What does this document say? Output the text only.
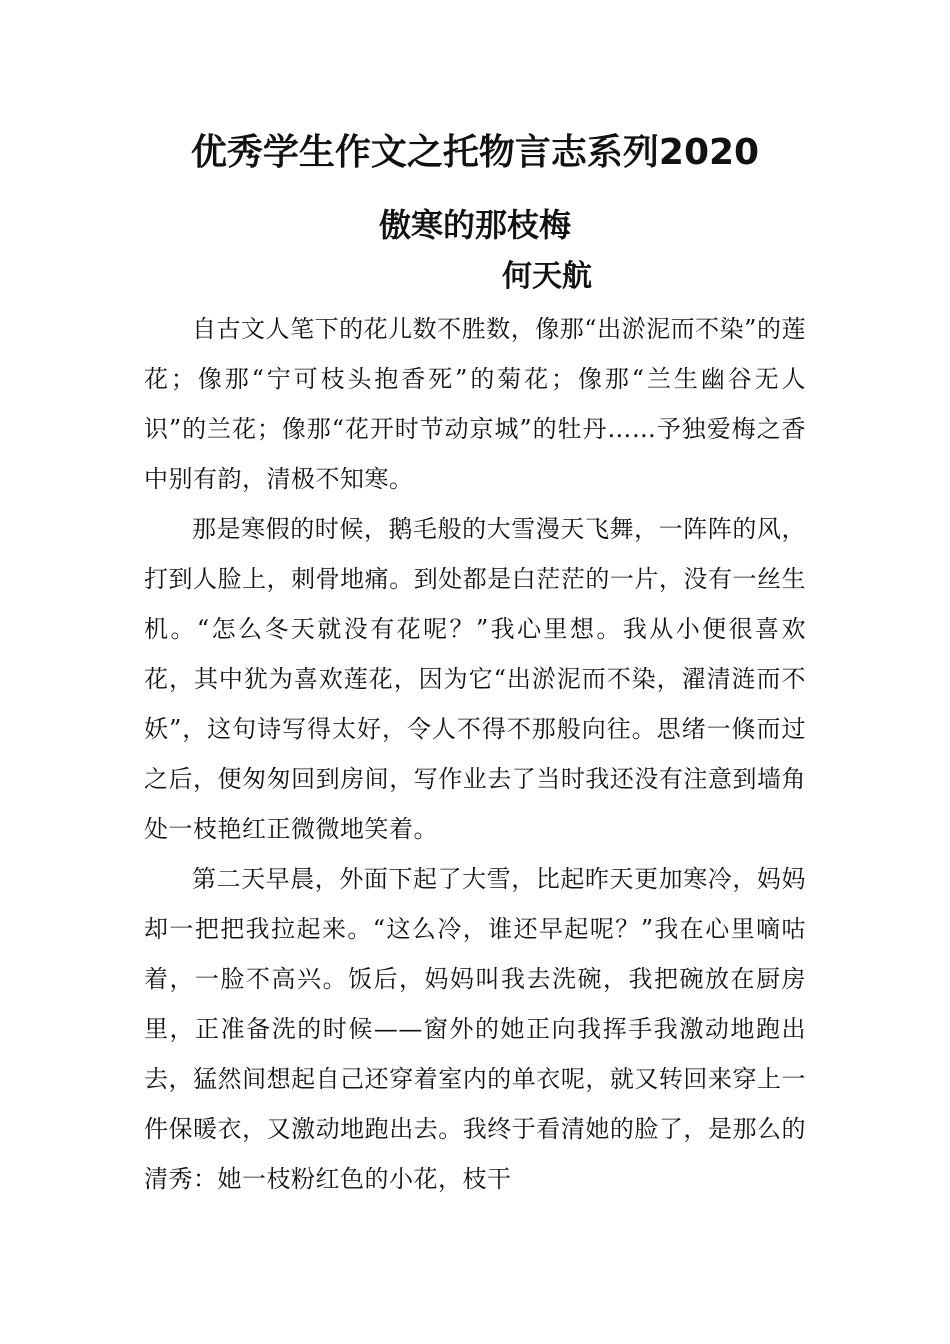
优秀学生作文之托物言志系列2020
傲寒的那枝梅
何天航

自古文人笔下的花儿数不胜数，像那“出淤泥而不染”的莲花；像那“宁可枝头抱香死”的菊花；像那“兰生幽谷无人识”的兰花；像那“花开时节动京城”的牡丹……予独爱梅之香中别有韵，清极不知寒。

那是寒假的时候，鹅毛般的大雪漫天飞舞，一阵阵的风，打到人脸上，刺骨地痛。到处都是白茫茫的一片，没有一丝生机。“怎么冬天就没有花呢？”我心里想。我从小便很喜欢花，其中犹为喜欢莲花，因为它“出淤泥而不染，濯清涟而不妖”，这句诗写得太好，令人不得不那般向往。思绪一倏而过之后，便匆匆回到房间，写作业去了当时我还没有注意到墙角处一枝艳红正微微地笑着。

第二天早晨，外面下起了大雪，比起昨天更加寒冷，妈妈却一把把我拉起来。“这么冷，谁还早起呢？”我在心里嘀咕着，一脸不高兴。饭后，妈妈叫我去洗碗，我把碗放在厨房里，正准备洗的时候——窗外的她正向我挥手我激动地跑出去，猛然间想起自己还穿着室内的单衣呢，就又转回来穿上一件保暖衣，又激动地跑出去。我终于看清她的脸了，是那么的清秀：她一枝粉红色的小花，枝干
